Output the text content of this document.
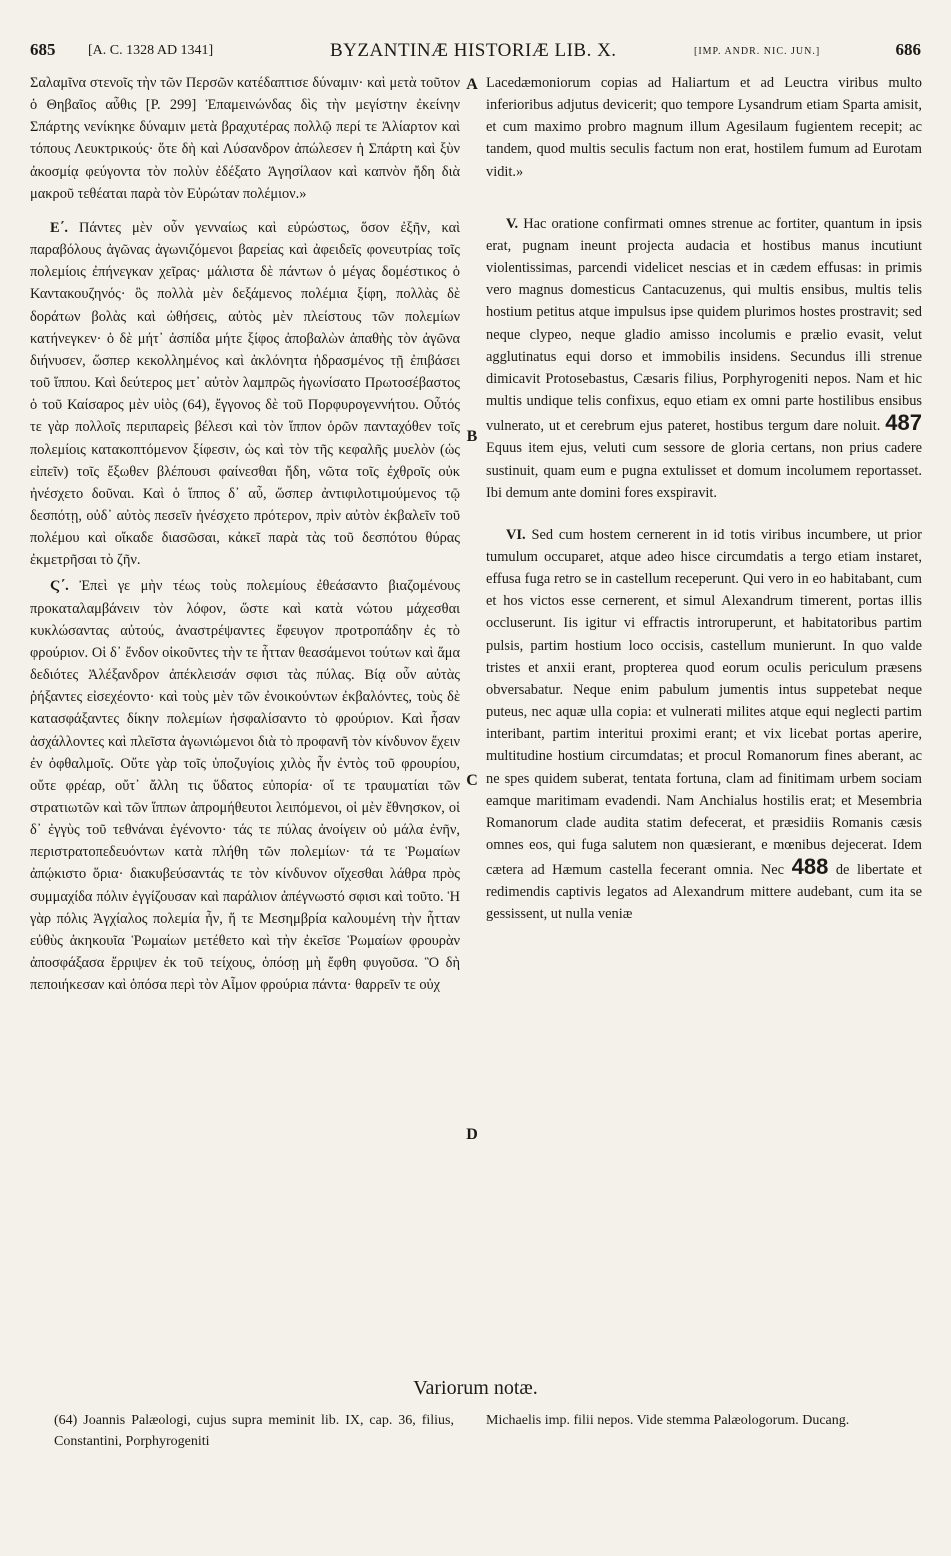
685 [A. C. 1328 AD 1341]	BYZANTINÆ HISTORIÆ LIB. X.	[IMP. ANDR. NIC. JUN.]	686
A
B
C
D

Σαλαμῖνα στενοῖς τὴν τῶν Περσῶν κατέδαπτισε δύναμιν· καὶ μετὰ τοῦτον ὁ Θηβαῖος αὖθις [P. 299] Ἐπαμεινώνδας δὶς τὴν μεγίστην ἐκείνην Σπάρτης νενίκηκε δύναμιν μετὰ βραχυτέρας πολλῷ περί τε Ἀλίαρτον καὶ τόπους Λευκτρικούς· ὅτε δὴ καὶ Λύσανδρον ἀπώλεσεν ἡ Σπάρτη καὶ ξὺν ἀκοσμίᾳ φεύγοντα τὸν πολὺν ἐδέξατο Ἀγησίλαον καὶ καπνὸν ἤδη διὰ μακροῦ τεθέαται παρὰ τὸν Εὐρώταν πολέμιον.»

Ε΄. Πάντες μὲν οὖν γενναίως καὶ εὐρώστως, ὅσον ἐξῆν, καὶ παραβόλους ἀγῶνας ἀγωνιζόμενοι βαρείας καὶ ἀφειδεῖς φονευτρίας τοῖς πολεμίοις ἐπήνεγκαν χεῖρας· μάλιστα δὲ πάντων ὁ μέγας δομέστικος ὁ Καντακουζηνός· ὃς πολλὰ μὲν δεξάμενος πολέμια ξίφη, πολλὰς δὲ δοράτων βολὰς καὶ ὠθήσεις, αὐτὸς μὲν πλείστους τῶν πολεμίων κατήνεγκεν· ὁ δὲ μήτ᾽ ἀσπίδα μήτε ξίφος ἀποβαλὼν ἀπαθὴς τὸν ἀγῶνα διήνυσεν, ὥσπερ κεκολλημένος καὶ ἀκλόνητα ἡδρασμένος τῇ ἐπιβάσει τοῦ ἵππου. Καὶ δεύτερος μετ᾽ αὐτὸν λαμπρῶς ἠγωνίσατο Πρωτοσέβαστος ὁ τοῦ Καίσαρος μὲν υἱὸς (64), ἔγγονος δὲ τοῦ Πορφυρογεννήτου. Οὗτός τε γὰρ πολλοῖς περιπαρεὶς βέλεσι καὶ τὸν ἵππον ὁρῶν πανταχόθεν τοῖς πολεμίοις κατακοπτόμενον ξίφεσιν, ὡς καὶ τὸν τῆς κεφαλῆς μυελὸν (ὡς εἰπεῖν) τοῖς ἔξωθεν βλέπουσι φαίνεσθαι ἤδη, νῶτα τοῖς ἐχθροῖς οὐκ ἠνέσχετο δοῦναι. Καὶ ὁ ἵππος δ᾽ αὖ, ὥσπερ ἀντιφιλοτιμούμενος τῷ δεσπότῃ, οὐδ᾽ αὐτὸς πεσεῖν ἠνέσχετο πρότερον, πρὶν αὐτὸν ἐκβαλεῖν τοῦ πολέμου καὶ οἴκαδε διασῶσαι, κἀκεῖ παρὰ τὰς τοῦ δεσπότου θύρας ἐκμετρῆσαι τὸ ζῆν.

Ϛ΄. Ἐπεὶ γε μὴν τέως τοὺς πολεμίους ἐθεάσαντο βιαζομένους προκαταλαμβάνειν τὸν λόφον, ὥστε καὶ κατὰ νώτου μάχεσθαι κυκλώσαντας αὐτούς, ἀναστρέψαντες ἔφευγον προτροπάδην ἐς τὸ φρούριον. Οἱ δ᾽ ἔνδον οἰκοῦντες τὴν τε ἧτταν θεασάμενοι τούτων καὶ ἅμα δεδιότες Ἀλέξανδρον ἀπέκλεισάν σφισι τὰς πύλας. Βίᾳ οὖν αὐτὰς ῥήξαντες εἰσεχέοντο· καὶ τοὺς μὲν τῶν ἐνοικούντων ἐκβαλόντες, τοὺς δὲ κατασφάξαντες δίκην πολεμίων ἠσφαλίσαντο τὸ φρούριον. Καὶ ἦσαν ἀσχάλλοντες καὶ πλεῖστα ἀγωνιώμενοι διὰ τὸ προφανῆ τὸν κίνδυνον ἔχειν ἐν ὀφθαλμοῖς. Οὔτε γὰρ τοῖς ὑποζυγίοις χιλὸς ἦν ἐντὸς τοῦ φρουρίου, οὔτε φρέαρ, οὔτ᾽ ἄλλη τις ὕδατος εὐπορία· οἵ τε τραυματίαι τῶν στρατιωτῶν καὶ τῶν ἵππων ἀπρομήθευτοι λειπόμενοι, οἱ μὲν ἔθνησκον, οἱ δ᾽ ἐγγὺς τοῦ τεθνάναι ἐγένοντο· τάς τε πύλας ἀνοίγειν οὐ μάλα ἐνῆν, περιστρατοπεδευόντων κατὰ πλήθη τῶν πολεμίων· τά τε Ῥωμαίων ἀπῴκιστο ὅρια· διακυβεύσαντάς τε τὸν κίνδυνον οἴχεσθαι λάθρα πρὸς συμμαχίδα πόλιν ἐγγίζουσαν καὶ παράλιον ἀπέγνωστό σφισι καὶ τοῦτο. Ἡ γὰρ πόλις Ἀγχίαλος πολεμία ἦν, ἥ τε Μεσημβρία καλουμένη τὴν ἧτταν εὐθὺς ἀκηκουῖα Ῥωμαίων μετέθετο καὶ τὴν ἐκεῖσε Ῥωμαίων φρουρὰν ἀποσφάξασα ἔρριψεν ἐκ τοῦ τείχους, ὁπόσῃ μὴ ἔφθη φυγοῦσα. Ὃ δὴ πεποιήκεσαν καὶ ὁπόσα περὶ τὸν Αἷμον φρούρια πάντα· θαρρεῖν τε οὐχ

Lacedæmoniorum copias ad Haliartum et ad Leuctra viribus multo inferioribus adjutus devicerit; quo tempore Lysandrum etiam Sparta amisit, et cum maximo probro magnum illum Agesilaum fugientem recepit; ac tandem, quod multis seculis factum non erat, hostilem fumum ad Eurotam vidit.»

V. Hac oratione confirmati omnes strenue ac fortiter, quantum in ipsis erat, pugnam ineunt projecta audacia et hostibus manus incutiunt violentissimas, parcendi videlicet nescias et in cædem effusas: in primis vero magnus domesticus Cantacuzenus, qui multis ensibus, multis telis hostium petitus atque impulsus ipse quidem plurimos hostes prostravit; sed neque clypeo, neque gladio amisso incolumis e prælio evasit, velut agglutinatus equi dorso et immobilis insidens. Secundus illi strenue dimicavit Protosebastus, Cæsaris filius, Porphyrogeniti nepos. Nam et hic multis undique telis confixus, equo etiam ex omni parte hostilibus ensibus vulnerato, ut et cerebrum ejus pateret, hostibus tergum dare noluit. 487 Equus item ejus, veluti cum sessore de gloria certans, non prius cadere sustinuit, quam eum e pugna extulisset et domum incolumem reportasset. Ibi demum ante domini fores exspiravit.

VI. Sed cum hostem cernerent in id totis viribus incumbere, ut prior tumulum occuparet, atque adeo hisce circumdatis a tergo etiam instaret, effusa fuga retro se in castellum receperunt. Qui vero in eo habitabant, cum et hos victos esse cernerent, et simul Alexandrum timerent, portas illis occluserunt. Iis igitur vi effractis introruperunt, et habitatoribus partim pulsis, partim hostium loco occisis, castellum munierunt. In quo valde tristes et anxii erant, propterea quod eorum oculis periculum præsens obversabatur. Neque enim pabulum jumentis intus suppetebat neque puteus, nec aquæ ulla copia: et vulnerati milites atque equi neglecti partim interibant, partim interitui proximi erant; et vix licebat portas aperire, multitudine hostium circumdatas; et procul Romanorum fines aberant, ac ne spes quidem suberat, tentata fortuna, clam ad finitimam urbem sociam eamque maritimam evadendi. Nam Anchialus hostilis erat; et Mesembria Romanorum clade audita statim defecerat, et præsidiis Romanis cæsis omnes eos, qui fuga salutem non quæsierant, e mœnibus dejecerat. Idem cætera ad Hæmum castella fecerant omnia. Nec 488 de libertate et redimendis captivis legatos ad Alexandrum mittere audebant, cum ita se gessissent, ut nulla veniæ

Variorum notæ.
(64) Joannis Palæologi, cujus supra meminit lib. IX, cap. 36, filius, Constantini, Porphyrogeniti
Michaelis imp. filii nepos. Vide stemma Palæologorum. Ducang.
